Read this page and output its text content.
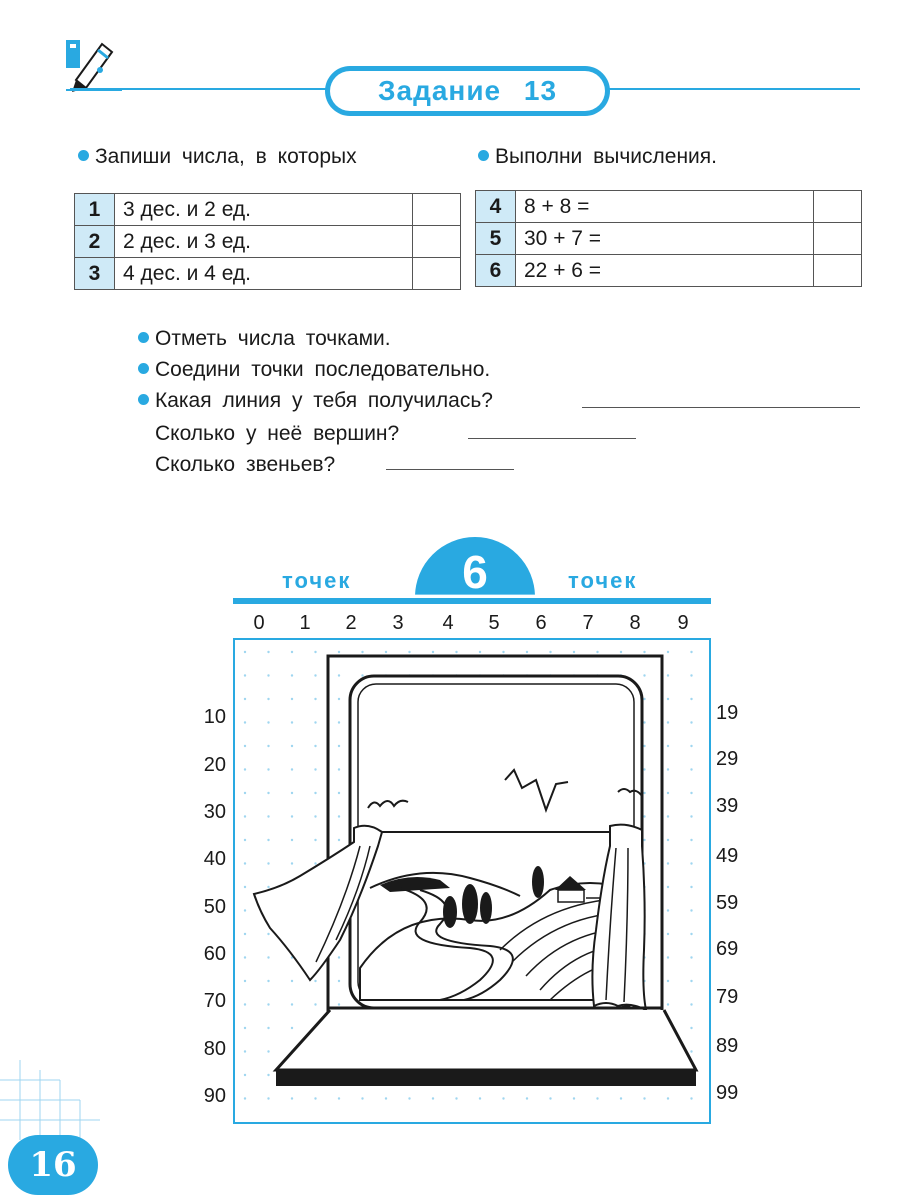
Задание 13
Запиши числа, в которых	Выполни вычисления.
1	3 дес. и 2 ед.	
2	2 дес. и 3 ед.	
3	4 дес. и 4 ед.	
4	8 + 8 =	
5	30 + 7 =	
6	22 + 6 =	
Отметь числа точками.
Соедини точки последовательно.
Какая линия у тебя получилась?
Сколько у неё вершин?
Сколько звеньев?
6
точек	точек
0	1	2	3	4	5	6	7	8	9
10
20
30
40
50
60
70
80
90
19
29
39
49
59
69
79
89
99
16
